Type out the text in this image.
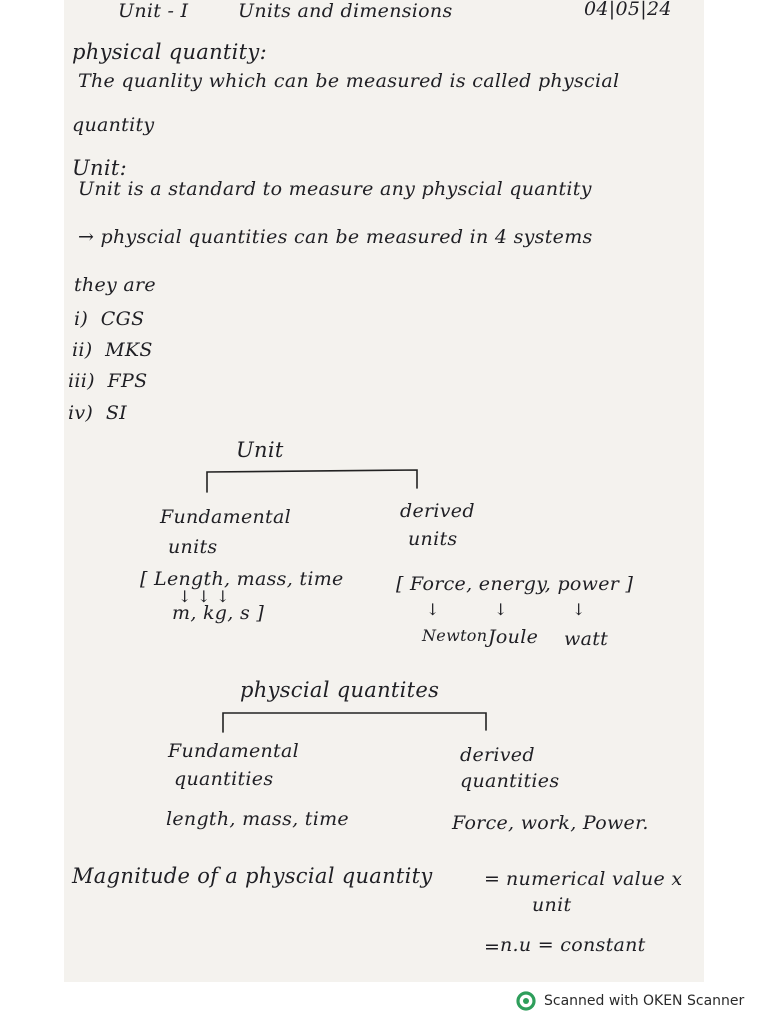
Unit - I	Units and dimensions	04|05|24
physical quantity:
The quanlity which can be measured is called physcial
quantity
Unit:
Unit is a standard to measure any physcial quantity
→ physcial quantities can be measured in 4 systems
they are
i) CGS
ii) MKS
iii) FPS
iv) SI
Unit
Fundamental
units
[ Length, mass, time
↓ ↓ ↓
m, kg, s ]
derived
units
[ Force, energy, power ]
↓	↓	↓
Newton Joule watt
physcial quantites
Fundamental
quantities
length, mass, time
derived
quantities
Force, work, Power.
Magnitude of a physcial quantity	= numerical value x
unit
= n.u = constant
Scanned with OKEN Scanner
